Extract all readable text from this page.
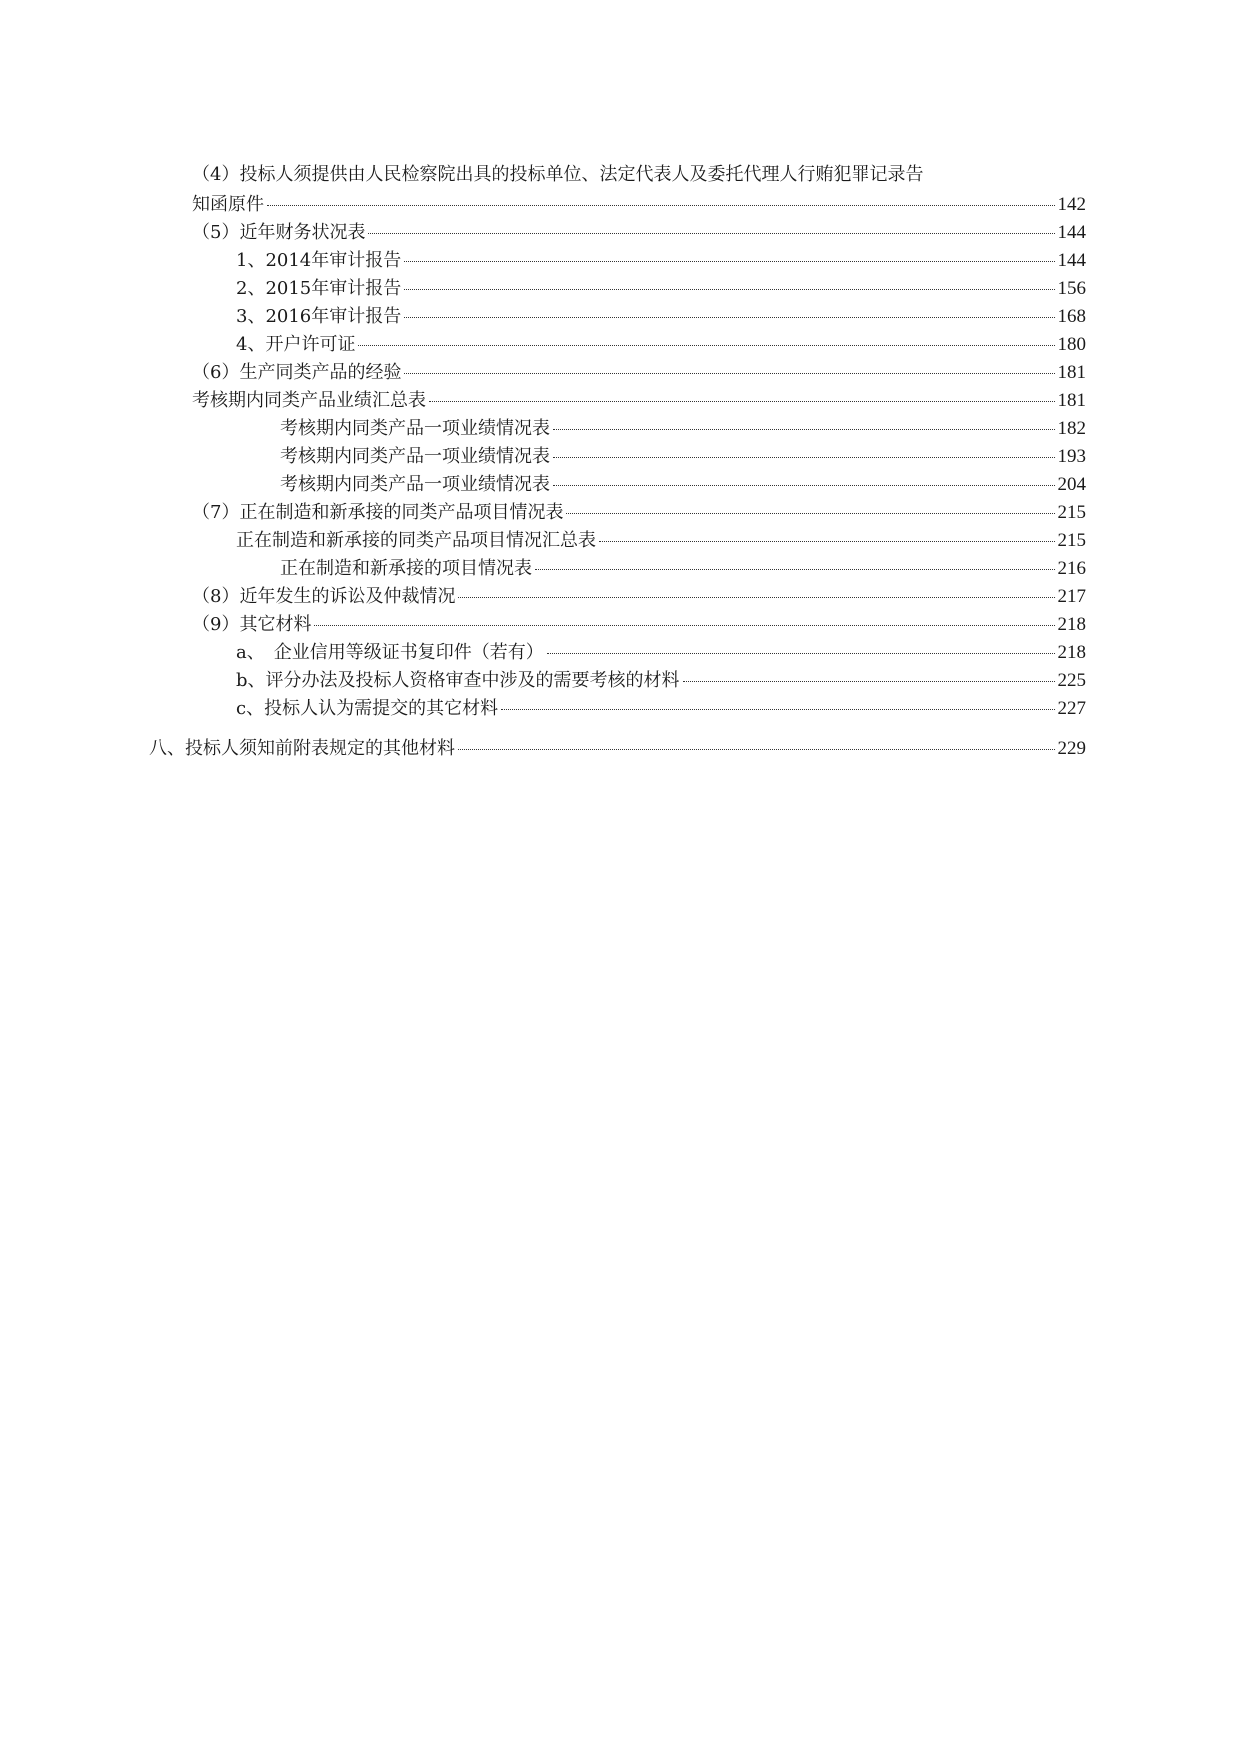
（4）投标人须提供由人民检察院出具的投标单位、法定代表人及委托代理人行贿犯罪记录告
知函原件	142
（5）近年财务状况表	144
1、2014年审计报告	144
2、2015年审计报告	156
3、2016年审计报告	168
4、开户许可证	180
（6）生产同类产品的经验	181
考核期内同类产品业绩汇总表	181
考核期内同类产品一项业绩情况表	182
考核期内同类产品一项业绩情况表	193
考核期内同类产品一项业绩情况表	204
（7）正在制造和新承接的同类产品项目情况表	215
正在制造和新承接的同类产品项目情况汇总表	215
正在制造和新承接的项目情况表	216
（8）近年发生的诉讼及仲裁情况	217
（9）其它材料	218
a、　企业信用等级证书复印件（若有）	218
b、评分办法及投标人资格审查中涉及的需要考核的材料	225
c、投标人认为需提交的其它材料	227
八、投标人须知前附表规定的其他材料	229
